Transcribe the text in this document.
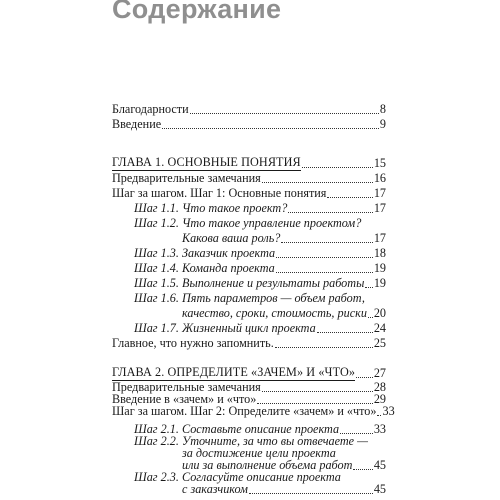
Содержание
Благодарности	8
Введение	9
ГЛАВА 1. ОСНОВНЫЕ ПОНЯТИЯ	15
Предварительные замечания	16
Шаг за шагом. Шаг 1: Основные понятия	17
Шаг 1.1. Что такое проект?	17
Шаг 1.2. Что такое управление проектом?
Какова ваша роль?	17
Шаг 1.3. Заказчик проекта	18
Шаг 1.4. Команда проекта	19
Шаг 1.5. Выполнение и результаты работы 19
Шаг 1.6. Пять параметров — объем работ,
качество, сроки, стоимость, риски 20
Шаг 1.7. Жизненный цикл проекта	24
Главное, что нужно запомнить.	25
ГЛАВА 2. ОПРЕДЕЛИТЕ «ЗАЧЕМ» И «ЧТО» 27
Предварительные замечания	28
Введение в «зачем» и «что»	29
Шаг за шагом. Шаг 2: Определите «зачем» и «что» 33
Шаг 2.1. Составьте описание проекта	33
Шаг 2.2. Уточните, за что вы отвечаете —
за достижение цели проекта
или за выполнение объема работ 45
Шаг 2.3. Согласуйте описание проекта
с заказчиком	45
